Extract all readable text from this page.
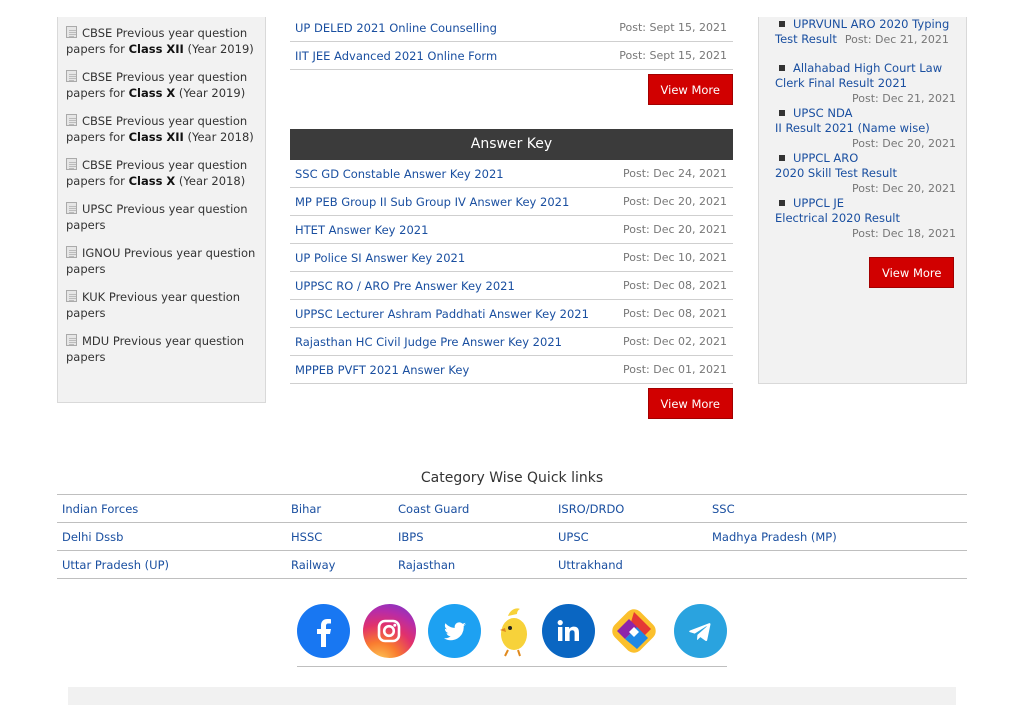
CBSE Previous year question papers for Class XII (Year 2019)
CBSE Previous year question papers for Class X (Year 2019)
CBSE Previous year question papers for Class XII (Year 2018)
CBSE Previous year question papers for Class X (Year 2018)
UPSC Previous year question papers
IGNOU Previous year question papers
KUK Previous year question papers
MDU Previous year question papers
UP DELED 2021 Online Counselling	Post: Sept 15, 2021
IIT JEE Advanced 2021 Online Form	Post: Sept 15, 2021
View More
Answer Key
SSC GD Constable Answer Key 2021	Post: Dec 24, 2021
MP PEB Group II Sub Group IV Answer Key 2021	Post: Dec 20, 2021
HTET Answer Key 2021	Post: Dec 20, 2021
UP Police SI Answer Key 2021	Post: Dec 10, 2021
UPPSC RO / ARO Pre Answer Key 2021	Post: Dec 08, 2021
UPPSC Lecturer Ashram Paddhati Answer Key 2021	Post: Dec 08, 2021
Rajasthan HC Civil Judge Pre Answer Key 2021	Post: Dec 02, 2021
MPPEB PVFT 2021 Answer Key	Post: Dec 01, 2021
View More
UPRVUNL ARO 2020 Typing
Test Result Post: Dec 21, 2021
Allahabad High Court Law
Clerk Final Result 2021
Post: Dec 21, 2021
UPSC NDA
II Result 2021 (Name wise)
Post: Dec 20, 2021
UPPCL ARO
2020 Skill Test Result
Post: Dec 20, 2021
UPPCL JE
Electrical 2020 Result
Post: Dec 18, 2021
View More
Category Wise Quick links
Indian Forces	Bihar	Coast Guard	ISRO/DRDO	SSC
Delhi Dssb	HSSC	IBPS	UPSC	Madhya Pradesh (MP)
Uttar Pradesh (UP)	Railway	Rajasthan	Uttrakhand
